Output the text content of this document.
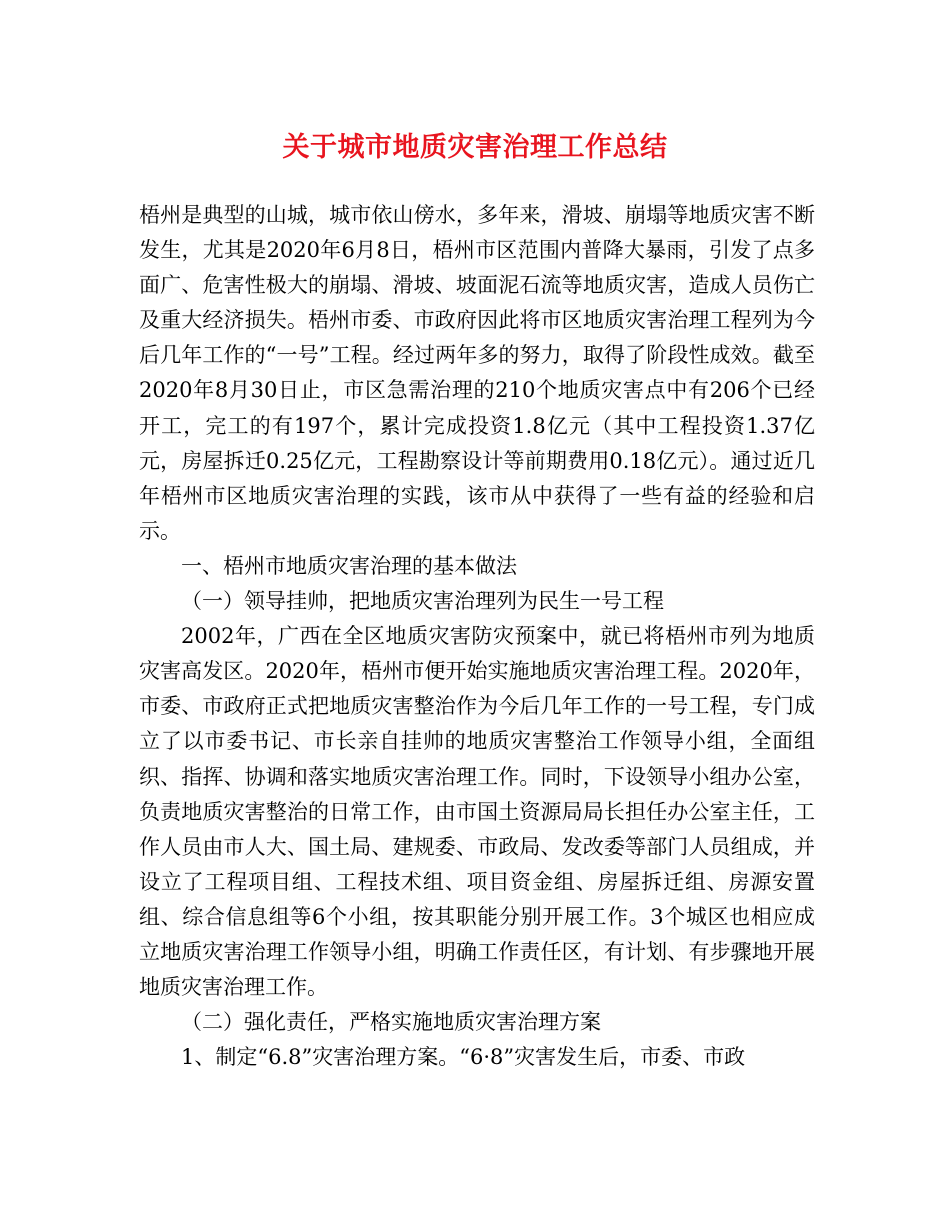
关于城市地质灾害治理工作总结

梧州是典型的山城，城市依山傍水，多年来，滑坡、崩塌等地质灾害不断发生，尤其是2020年6月8日，梧州市区范围内普降大暴雨，引发了点多面广、危害性极大的崩塌、滑坡、坡面泥石流等地质灾害，造成人员伤亡及重大经济损失。梧州市委、市政府因此将市区地质灾害治理工程列为今后几年工作的“一号”工程。经过两年多的努力，取得了阶段性成效。截至2020年8月30日止，市区急需治理的210个地质灾害点中有206个已经开工，完工的有197个，累计完成投资1.8亿元（其中工程投资1.37亿元，房屋拆迁0.25亿元，工程勘察设计等前期费用0.18亿元）。通过近几年梧州市区地质灾害治理的实践，该市从中获得了一些有益的经验和启示。

一、梧州市地质灾害治理的基本做法

（一）领导挂帅，把地质灾害治理列为民生一号工程

2002年，广西在全区地质灾害防灾预案中，就已将梧州市列为地质灾害高发区。2020年，梧州市便开始实施地质灾害治理工程。2020年，市委、市政府正式把地质灾害整治作为今后几年工作的一号工程，专门成立了以市委书记、市长亲自挂帅的地质灾害整治工作领导小组，全面组织、指挥、协调和落实地质灾害治理工作。同时，下设领导小组办公室，负责地质灾害整治的日常工作，由市国土资源局局长担任办公室主任，工作人员由市人大、国土局、建规委、市政局、发改委等部门人员组成，并设立了工程项目组、工程技术组、项目资金组、房屋拆迁组、房源安置组、综合信息组等6个小组，按其职能分别开展工作。3个城区也相应成立地质灾害治理工作领导小组，明确工作责任区，有计划、有步骤地开展地质灾害治理工作。

（二）强化责任，严格实施地质灾害治理方案

1、制定“6.8”灾害治理方案。“6·8”灾害发生后，市委、市政
